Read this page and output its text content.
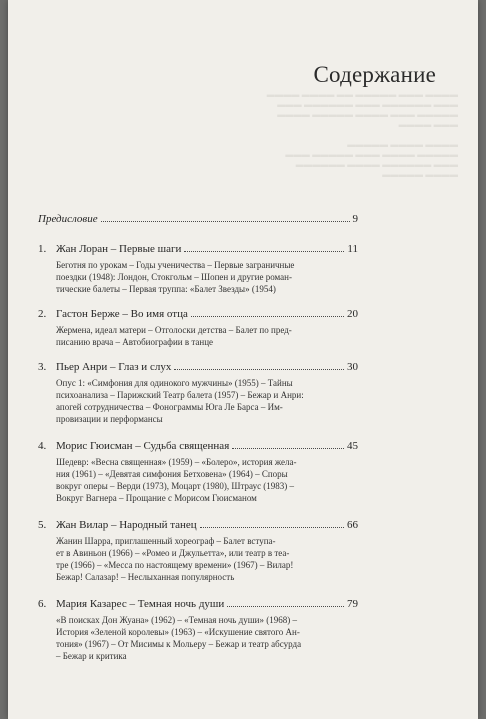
▬▬▬▬ ▬▬▬ ▬▬▬▬▬ ▬▬ ▬▬▬▬ ▬▬▬▬
▬▬▬ ▬▬▬▬▬▬ ▬▬▬ ▬▬▬▬▬▬ ▬▬▬
▬▬▬▬▬ ▬▬▬ ▬▬▬▬ ▬▬▬▬▬ ▬▬▬▬
▬▬▬ ▬▬▬▬

▬▬▬▬ ▬▬▬▬ ▬▬▬▬▬
▬▬▬▬▬ ▬▬▬▬ ▬▬▬ ▬▬▬▬▬ ▬▬▬
▬▬▬ ▬▬▬▬▬▬ ▬▬▬▬ ▬▬▬▬▬▬
▬▬▬▬ ▬▬▬▬▬
Содержание
Предисловие	9
1. Жан Лоран – Первые шаги	11
Беготня по урокам – Годы ученичества – Первые заграничные
поездки (1948): Лондон, Стокгольм – Шопен и другие роман-
тические балеты – Первая труппа: «Балет Звезды» (1954)
2. Гастон Берже – Во имя отца	20
Жермена, идеал матери – Отголоски детства – Балет по пред-
писанию врача – Автобиографии в танце
3. Пьер Анри – Глаз и слух	30
Опус 1: «Симфония для одинокого мужчины» (1955) – Тайны
психоанализа – Парижский Театр балета (1957) – Бежар и Анри:
апогей сотрудничества – Фонограммы Юга Ле Барса – Им-
провизации и перформансы
4. Морис Гюисман – Судьба священная	45
Шедевр: «Весна священная» (1959) – «Болеро», история жела-
ния (1961) – «Девятая симфония Бетховена» (1964) – Споры
вокруг оперы – Верди (1973), Моцарт (1980), Штраус (1983) –
Вокруг Вагнера – Прощание с Морисом Гюисманом
5. Жан Вилар – Народный танец	66
Жанин Шарра, приглашенный хореограф – Балет вступа-
ет в Авиньон (1966) – «Ромео и Джульетта», или театр в теа-
тре (1966) – «Месса по настоящему времени» (1967) – Вилар!
Бежар! Салазар! – Неслыханная популярность
6. Мария Казарес – Темная ночь души	79
«В поисках Дон Жуана» (1962) – «Темная ночь души» (1968) –
История «Зеленой королевы» (1963) – «Искушение святого Ан-
тония» (1967) – От Мисимы к Мольеру – Бежар и театр абсурда
– Бежар и критика
